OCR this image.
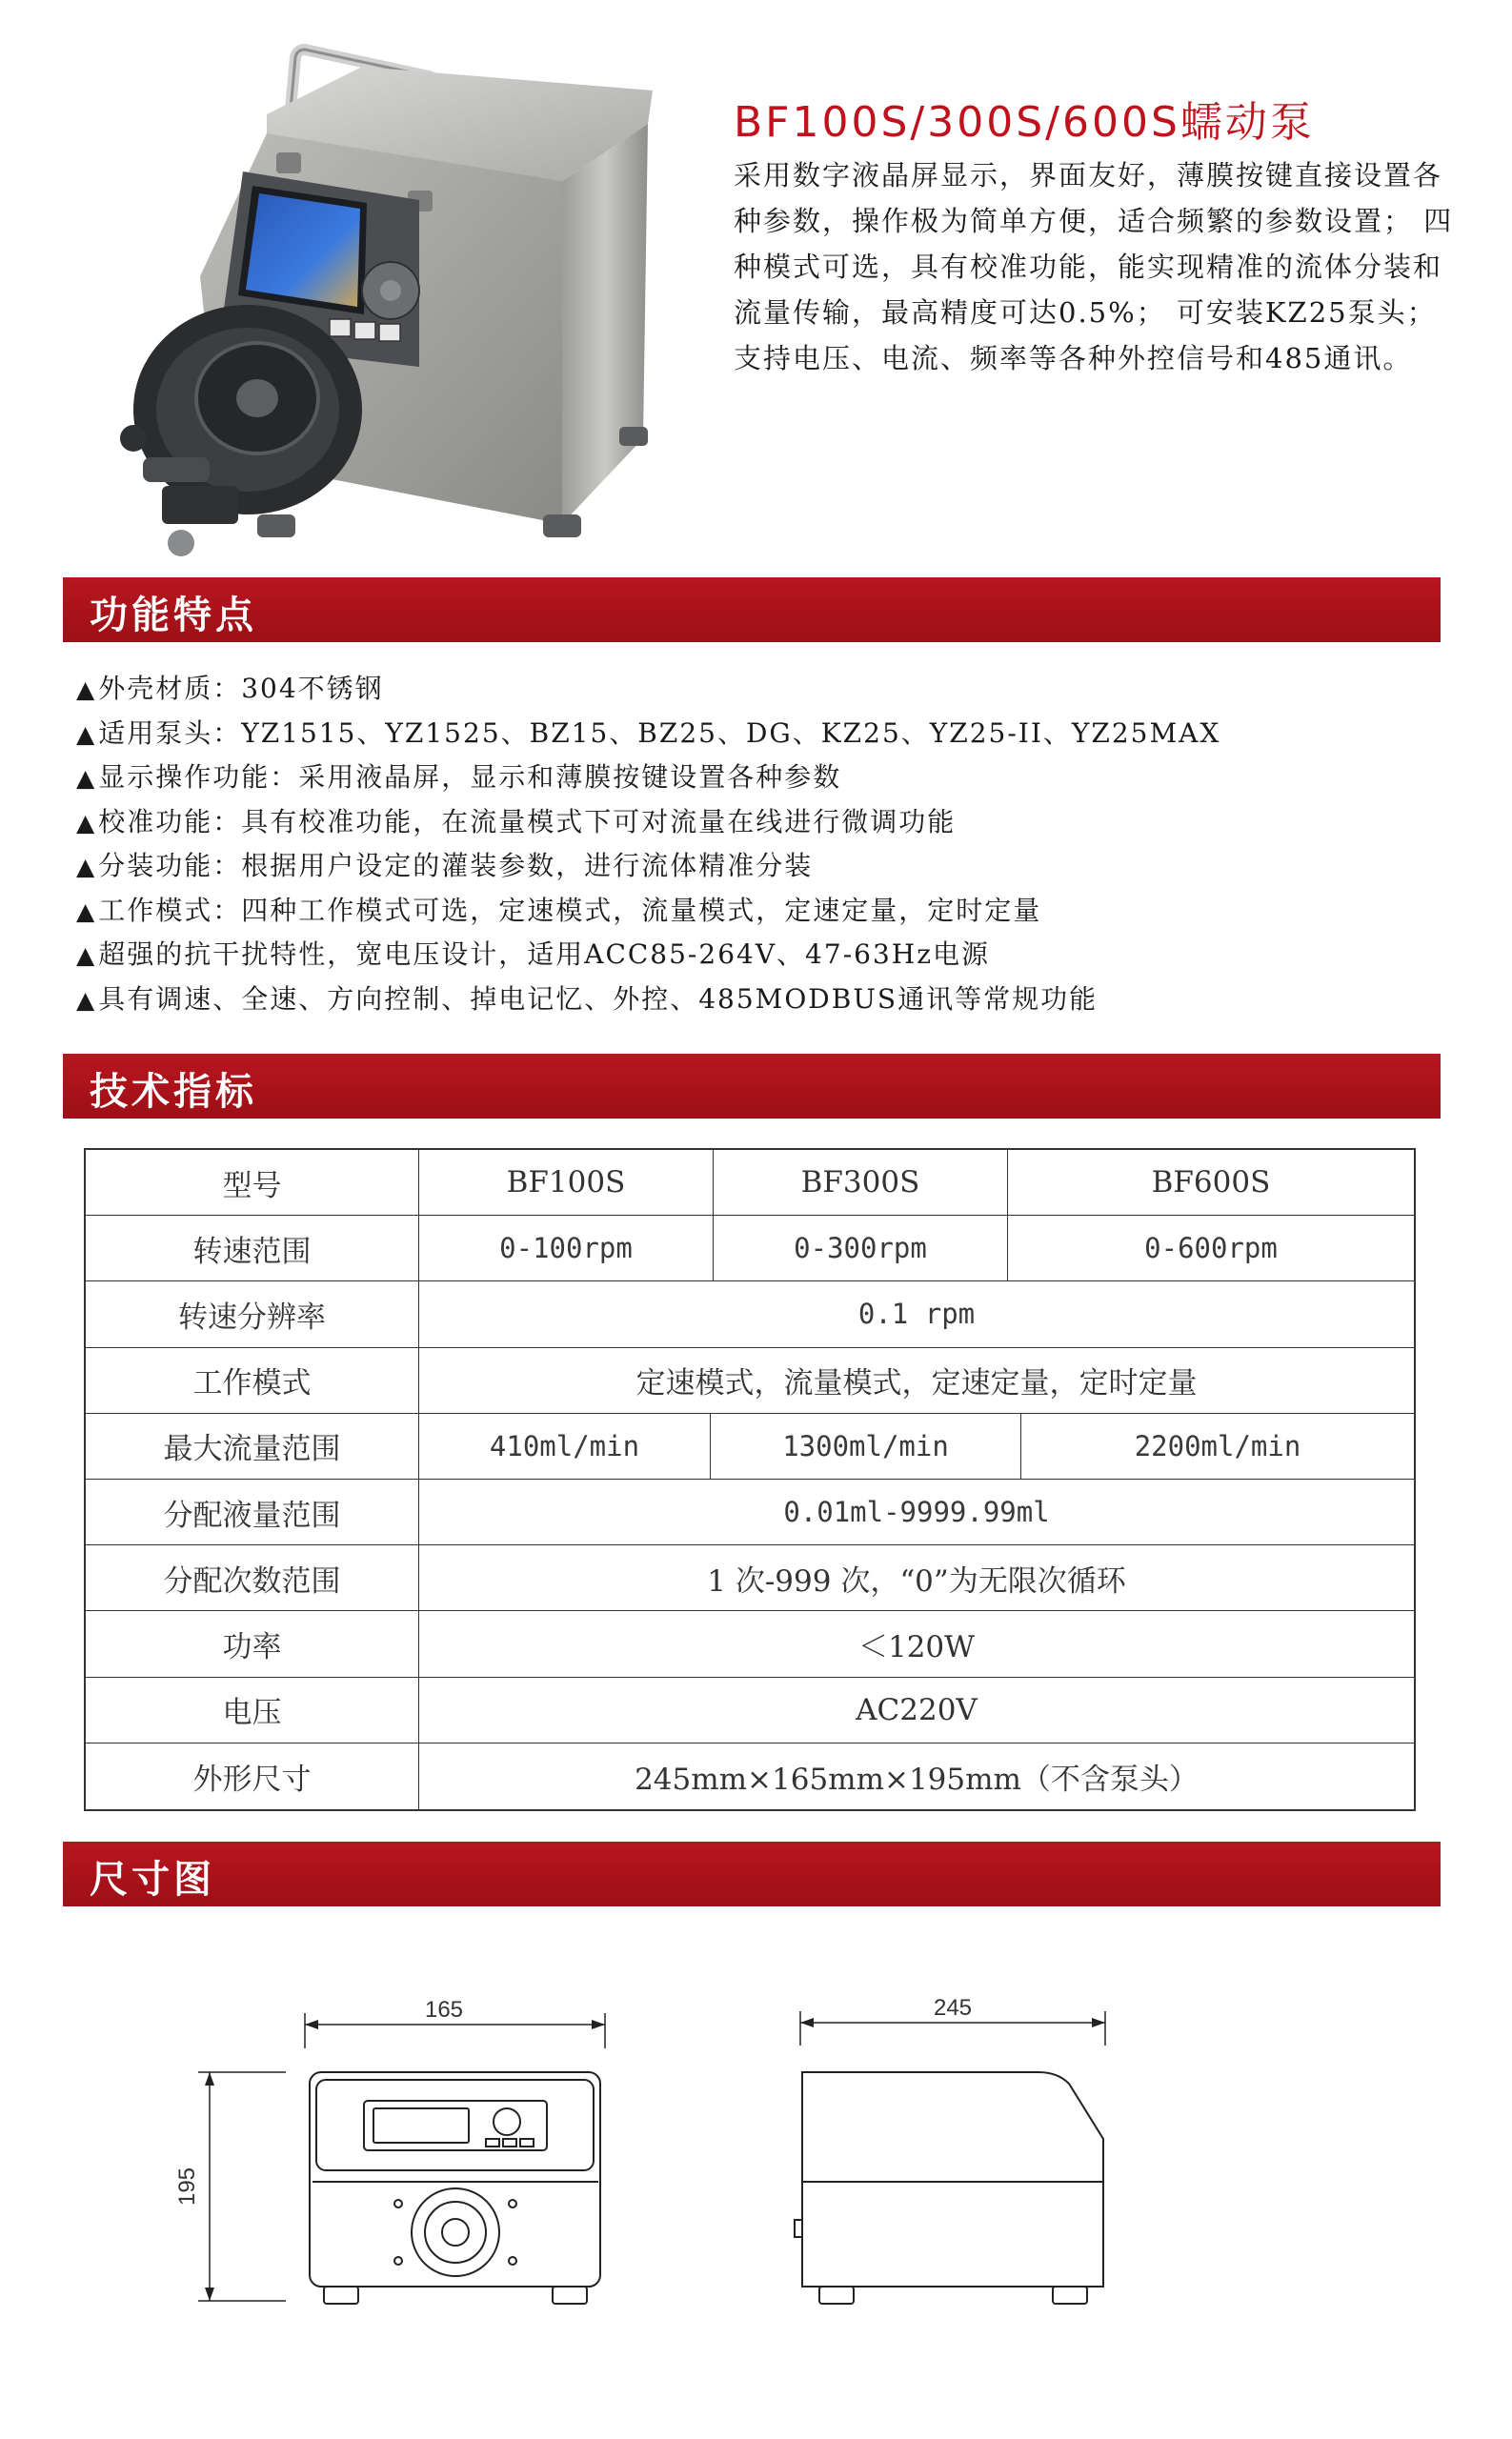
BF100S/300S/600S蠕动泵
采用数字液晶屏显示，界面友好，薄膜按键直接设置各种参数，操作极为简单方便，适合频繁的参数设置； 四种模式可选，具有校准功能，能实现精准的流体分装和流量传输，最高精度可达0.5%； 可安装KZ25泵头； 支持电压、电流、频率等各种外控信号和485通讯。
功能特点
▲外壳材质：304不锈钢
▲适用泵头：YZ1515、YZ1525、BZ15、BZ25、DG、KZ25、YZ25-II、YZ25MAX
▲显示操作功能：采用液晶屏，显示和薄膜按键设置各种参数
▲校准功能：具有校准功能，在流量模式下可对流量在线进行微调功能
▲分装功能：根据用户设定的灌装参数，进行流体精准分装
▲工作模式：四种工作模式可选，定速模式，流量模式，定速定量，定时定量
▲超强的抗干扰特性，宽电压设计，适用ACC85-264V、47-63Hz电源
▲具有调速、全速、方向控制、掉电记忆、外控、485MODBUS通讯等常规功能
技术指标
型号	BF100S	BF300S	BF600S
转速范围	0-100rpm	0-300rpm	0-600rpm
转速分辨率	0.1 rpm
工作模式	定速模式，流量模式，定速定量，定时定量
最大流量范围	410ml/min	1300ml/min	2200ml/min
分配液量范围	0.01ml-9999.99ml
分配次数范围	1 次-999 次，“0”为无限次循环
功率	＜120W
电压	AC220V
外形尺寸	245mm×165mm×195mm（不含泵头）
尺寸图
165
195
245
